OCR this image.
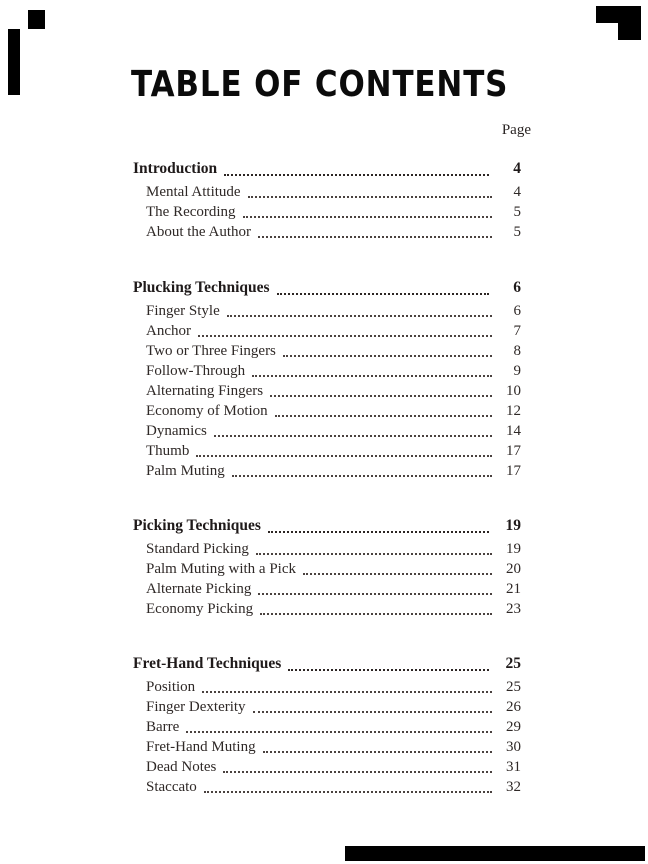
TABLE OF CONTENTS
Page
Introduction	4
Mental Attitude	4
The Recording	5
About the Author	5
Plucking Techniques	6
Finger Style	6
Anchor	7
Two or Three Fingers	8
Follow-Through	9
Alternating Fingers	10
Economy of Motion	12
Dynamics	14
Thumb	17
Palm Muting	17
Picking Techniques	19
Standard Picking	19
Palm Muting with a Pick	20
Alternate Picking	21
Economy Picking	23
Fret-Hand Techniques	25
Position	25
Finger Dexterity	26
Barre	29
Fret-Hand Muting	30
Dead Notes	31
Staccato	32
